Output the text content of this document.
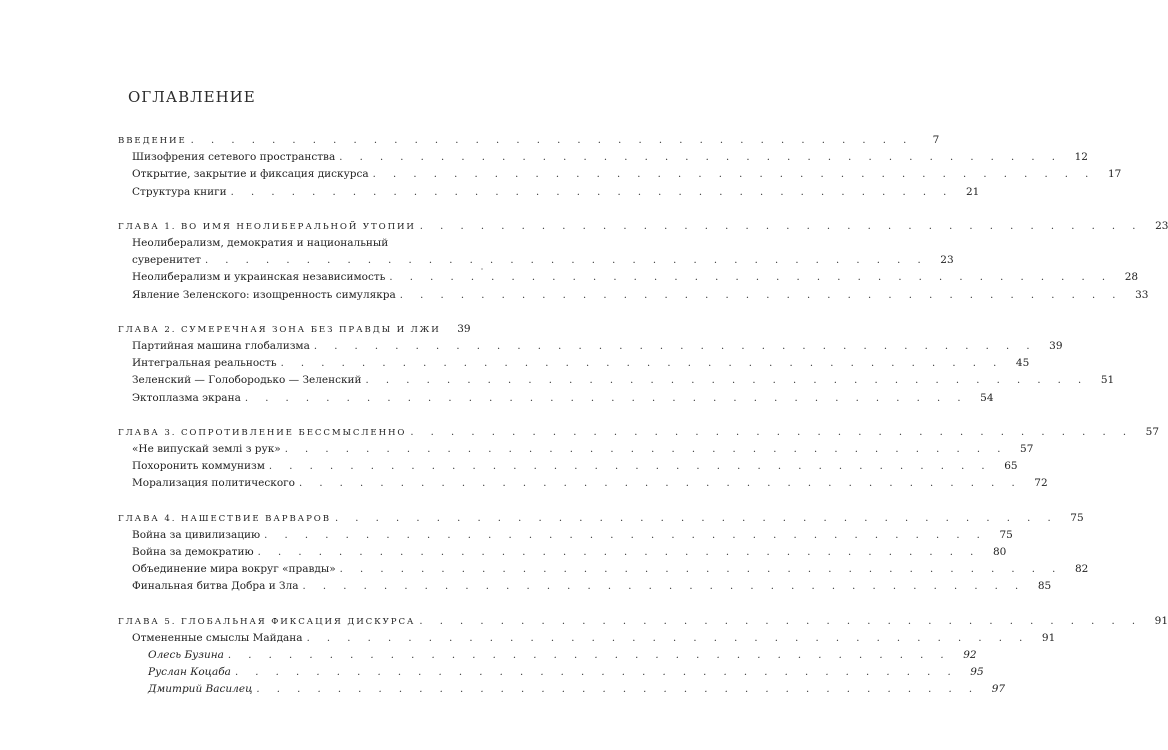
ОГЛАВЛЕНИЕ
ВВЕДЕНИЕ . . . . . . . . . . . . . . . . . . . . . . . . . . . . . . . . . . . .	7
Шизофрения сетевого пространства . . . . . . . . . . . . . . . . . . . . . . . . . . . . . . . . . . . .	12
Открытие, закрытие и фиксация дискурса . . . . . . . . . . . . . . . . . . . . . . . . . . . . . . . . . . . .	17
Структура книги . . . . . . . . . . . . . . . . . . . . . . . . . . . . . . . . . . . .	21
ГЛАВА 1. ВО ИМЯ НЕОЛИБЕРАЛЬНОЙ УТОПИИ . . . . . . . . . . . . . . . . . . . . . . . . . . . . . . . . . . . .	23
Неолиберализм, демократия и национальный
суверенитет . . . . . . . . . . . . . . . . . . . . . . . . . . . . . . . . . . . .	23
Неолиберализм и украинская независимость . . . . . . . . . . . . . . . . . . . . . . . . . . . . . . . . . . . .	28
Явление Зеленского: изощренность симулякра . . . . . . . . . . . . . . . . . . . . . . . . . . . . . . . . . . . .	33
ГЛАВА 2. СУМЕРЕЧНАЯ ЗОНА БЕЗ ПРАВДЫ И ЛЖИ	39
Партийная машина глобализма . . . . . . . . . . . . . . . . . . . . . . . . . . . . . . . . . . . .	39
Интегральная реальность . . . . . . . . . . . . . . . . . . . . . . . . . . . . . . . . . . . .	45
Зеленский — Голобородько — Зеленский . . . . . . . . . . . . . . . . . . . . . . . . . . . . . . . . . . . .	51
Эктоплазма экрана . . . . . . . . . . . . . . . . . . . . . . . . . . . . . . . . . . . .	54
ГЛАВА 3. СОПРОТИВЛЕНИЕ БЕССМЫСЛЕННО . . . . . . . . . . . . . . . . . . . . . . . . . . . . . . . . . . . .	57
«Не випускай землі з рук» . . . . . . . . . . . . . . . . . . . . . . . . . . . . . . . . . . . .	57
Похоронить коммунизм . . . . . . . . . . . . . . . . . . . . . . . . . . . . . . . . . . . .	65
Морализация политического . . . . . . . . . . . . . . . . . . . . . . . . . . . . . . . . . . . .	72
ГЛАВА 4. НАШЕСТВИЕ ВАРВАРОВ . . . . . . . . . . . . . . . . . . . . . . . . . . . . . . . . . . . .	75
Война за цивилизацию . . . . . . . . . . . . . . . . . . . . . . . . . . . . . . . . . . . .	75
Война за демократию . . . . . . . . . . . . . . . . . . . . . . . . . . . . . . . . . . . .	80
Объединение мира вокруг «правды» . . . . . . . . . . . . . . . . . . . . . . . . . . . . . . . . . . . .	82
Финальная битва Добра и Зла . . . . . . . . . . . . . . . . . . . . . . . . . . . . . . . . . . . .	85
ГЛАВА 5. ГЛОБАЛЬНАЯ ФИКСАЦИЯ ДИСКУРСА . . . . . . . . . . . . . . . . . . . . . . . . . . . . . . . . . . . .	91
Отмененные смыслы Майдана . . . . . . . . . . . . . . . . . . . . . . . . . . . . . . . . . . . .	91
Олесь Бузина . . . . . . . . . . . . . . . . . . . . . . . . . . . . . . . . . . . .	92
Руслан Коцаба . . . . . . . . . . . . . . . . . . . . . . . . . . . . . . . . . . . .	95
Дмитрий Василец . . . . . . . . . . . . . . . . . . . . . . . . . . . . . . . . . . . .	97
